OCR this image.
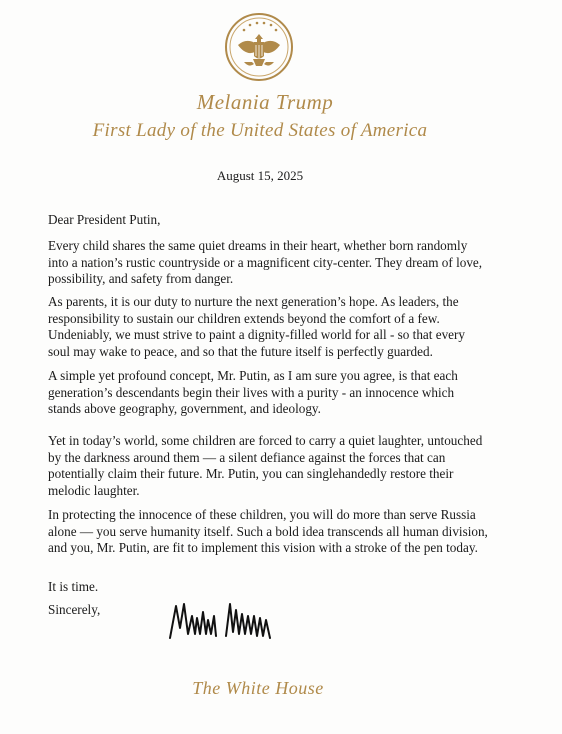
Melania Trump
First Lady of the United States of America
August 15, 2025
Dear President Putin,

Every child shares the same quiet dreams in their heart, whether born randomly into a nation’s rustic countryside or a magnificent city-center. They dream of love, possibility, and safety from danger.

As parents, it is our duty to nurture the next generation’s hope. As leaders, the responsibility to sustain our children extends beyond the comfort of a few. Undeniably, we must strive to paint a dignity-filled world for all - so that every soul may wake to peace, and so that the future itself is perfectly guarded.

A simple yet profound concept, Mr. Putin, as I am sure you agree, is that each generation’s descendants begin their lives with a purity - an innocence which stands above geography, government, and ideology.

Yet in today’s world, some children are forced to carry a quiet laughter, untouched by the darkness around them — a silent defiance against the forces that can potentially claim their future. Mr. Putin, you can singlehandedly restore their melodic laughter.

In protecting the innocence of these children, you will do more than serve Russia alone — you serve humanity itself. Such a bold idea transcends all human division, and you, Mr. Putin, are fit to implement this vision with a stroke of the pen today.

It is time.
Sincerely,
The White House
